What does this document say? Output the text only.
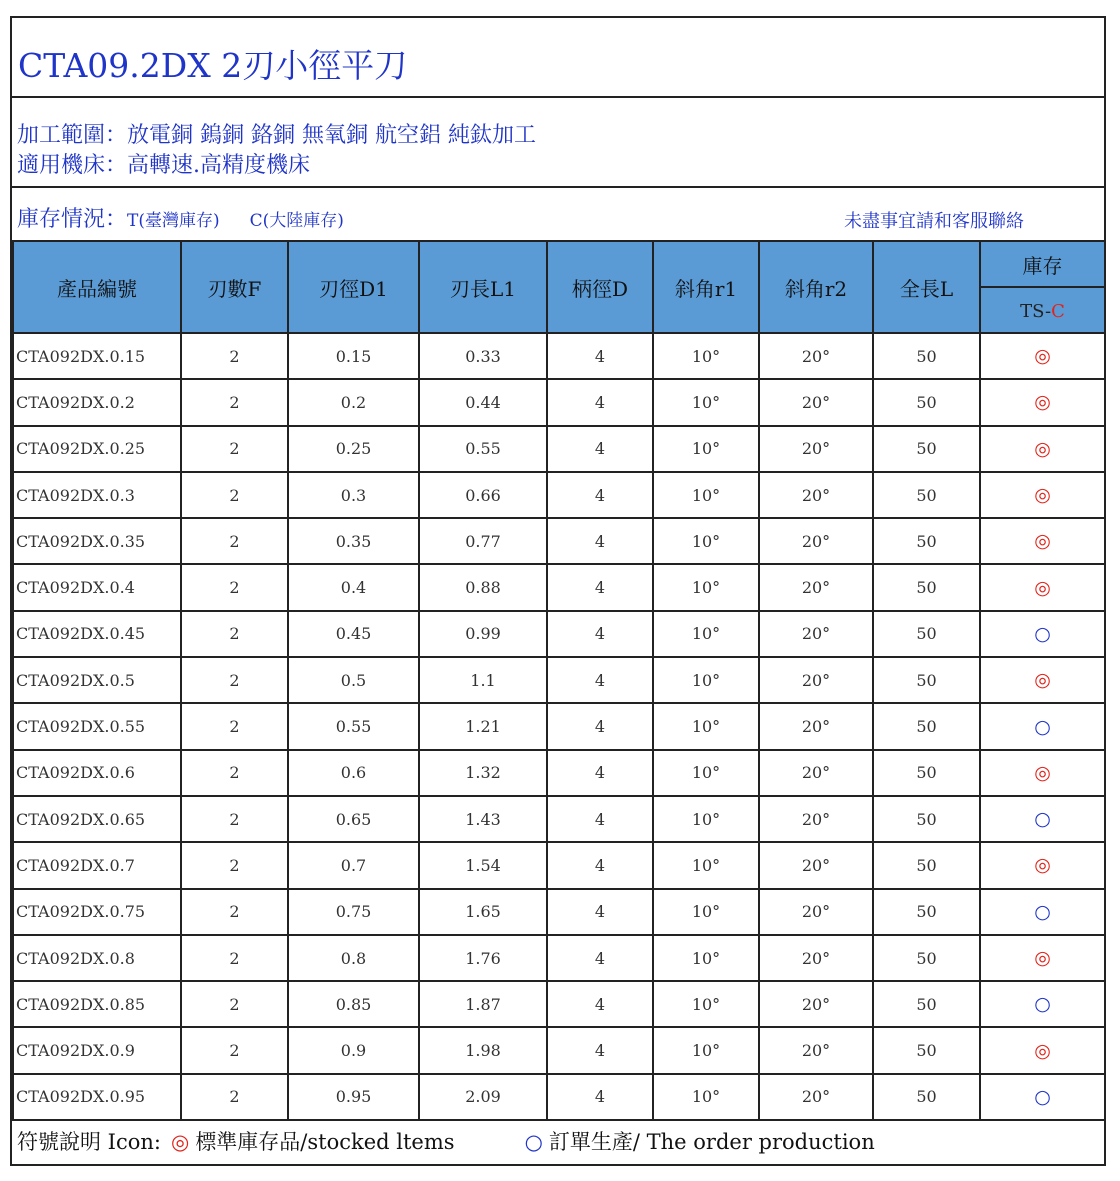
CTA09.2DX 2刃小徑平刀
加工範圍：放電銅 鎢銅 鉻銅 無氧銅 航空鋁 純鈦加工
適用機床：高轉速.高精度機床
庫存情況：T(臺灣庫存) C(大陸庫存)	未盡事宜請和客服聯絡
產品編號	刃數F	刃徑D1	刃長L1	柄徑D	斜角r1	斜角r2	全長L	庫存
								TS-C
CTA092DX.0.15	2	0.15	0.33	4	10°	20°	50	◎
CTA092DX.0.2	2	0.2	0.44	4	10°	20°	50	◎
CTA092DX.0.25	2	0.25	0.55	4	10°	20°	50	◎
CTA092DX.0.3	2	0.3	0.66	4	10°	20°	50	◎
CTA092DX.0.35	2	0.35	0.77	4	10°	20°	50	◎
CTA092DX.0.4	2	0.4	0.88	4	10°	20°	50	◎
CTA092DX.0.45	2	0.45	0.99	4	10°	20°	50	○
CTA092DX.0.5	2	0.5	1.1	4	10°	20°	50	◎
CTA092DX.0.55	2	0.55	1.21	4	10°	20°	50	○
CTA092DX.0.6	2	0.6	1.32	4	10°	20°	50	◎
CTA092DX.0.65	2	0.65	1.43	4	10°	20°	50	○
CTA092DX.0.7	2	0.7	1.54	4	10°	20°	50	◎
CTA092DX.0.75	2	0.75	1.65	4	10°	20°	50	○
CTA092DX.0.8	2	0.8	1.76	4	10°	20°	50	◎
CTA092DX.0.85	2	0.85	1.87	4	10°	20°	50	○
CTA092DX.0.9	2	0.9	1.98	4	10°	20°	50	◎
CTA092DX.0.95	2	0.95	2.09	4	10°	20°	50	○
符號說明 Icon: ◎ 標準庫存品/stocked ltems	○ 訂單生產/ The order production
